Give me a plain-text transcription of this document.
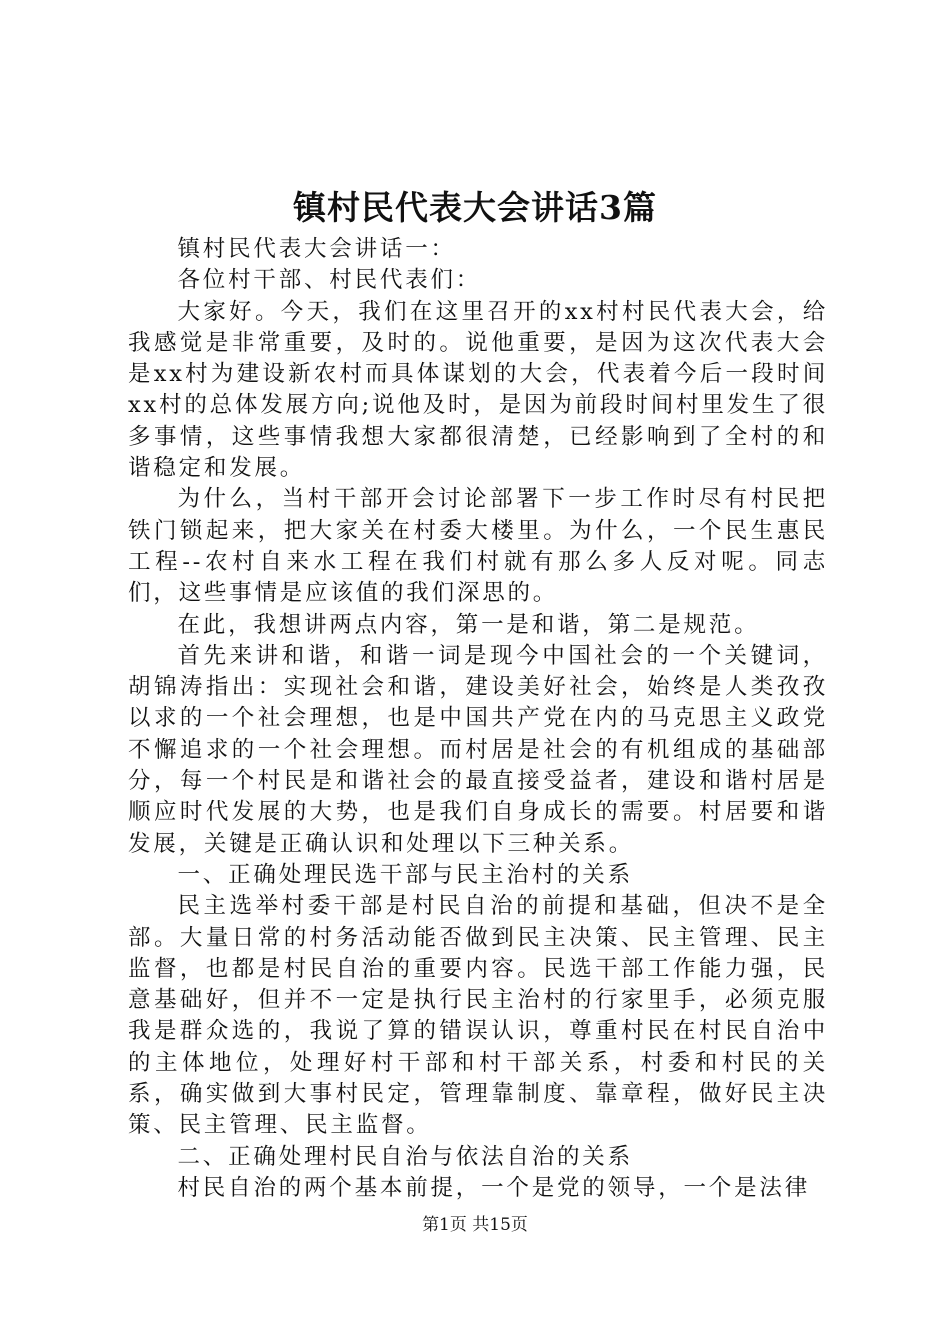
镇村民代表大会讲话3篇

镇村民代表大会讲话一：

各位村干部、村民代表们：

大家好。今天，我们在这里召开的xx村村民代表大会，给我感觉是非常重要，及时的。说他重要，是因为这次代表大会是xx村为建设新农村而具体谋划的大会，代表着今后一段时间xx村的总体发展方向;说他及时，是因为前段时间村里发生了很多事情，这些事情我想大家都很清楚，已经影响到了全村的和谐稳定和发展。

为什么，当村干部开会讨论部署下一步工作时尽有村民把铁门锁起来，把大家关在村委大楼里。为什么，一个民生惠民工程--农村自来水工程在我们村就有那么多人反对呢。同志们，这些事情是应该值的我们深思的。

在此，我想讲两点内容，第一是和谐，第二是规范。

首先来讲和谐，和谐一词是现今中国社会的一个关键词，胡锦涛指出：实现社会和谐，建设美好社会，始终是人类孜孜以求的一个社会理想，也是中国共产党在内的马克思主义政党不懈追求的一个社会理想。而村居是社会的有机组成的基础部分，每一个村民是和谐社会的最直接受益者，建设和谐村居是顺应时代发展的大势，也是我们自身成长的需要。村居要和谐发展，关键是正确认识和处理以下三种关系。

一、正确处理民选干部与民主治村的关系

民主选举村委干部是村民自治的前提和基础，但决不是全部。大量日常的村务活动能否做到民主决策、民主管理、民主监督，也都是村民自治的重要内容。民选干部工作能力强，民意基础好，但并不一定是执行民主治村的行家里手，必须克服我是群众选的，我说了算的错误认识，尊重村民在村民自治中的主体地位，处理好村干部和村干部关系，村委和村民的关系，确实做到大事村民定，管理靠制度、靠章程，做好民主决策、民主管理、民主监督。

二、正确处理村民自治与依法自治的关系

村民自治的两个基本前提，一个是党的领导，一个是法律

第1页 共15页
